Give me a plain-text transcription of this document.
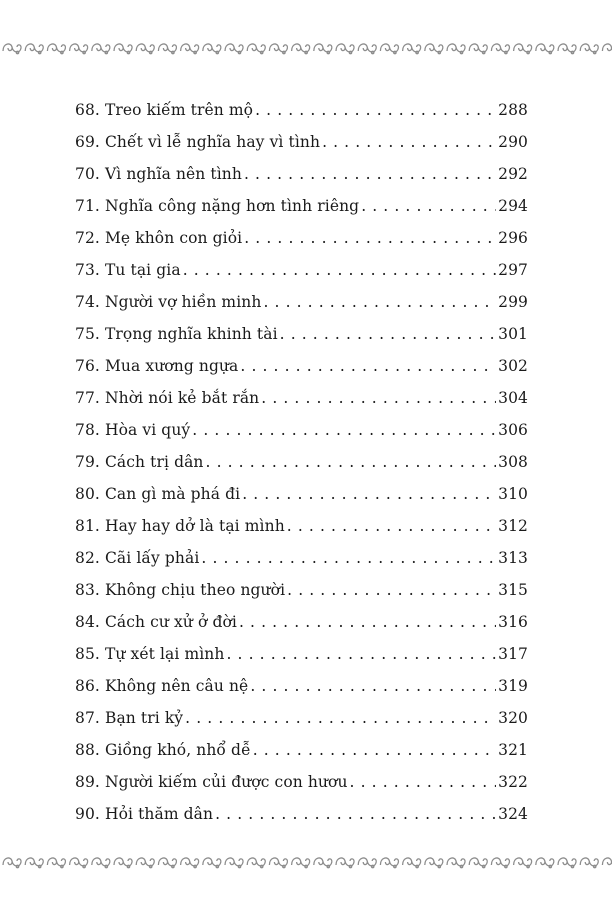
68. Treo kiếm trên mộ . . .	288
69. Chết vì lễ nghĩa hay vì tình . . .	290
70. Vì nghĩa nên tình . . .	292
71. Nghĩa công nặng hơn tình riêng . . .	294
72. Mẹ khôn con giỏi . . .	296
73. Tu tại gia . . .	297
74. Người vợ hiền minh . . .	299
75. Trọng nghĩa khinh tài . . .	301
76. Mua xương ngựa . . .	302
77. Nhời nói kẻ bắt rắn . . .	304
78. Hòa vi quý . . .	306
79. Cách trị dân . . .	308
80. Can gì mà phá đi . . .	310
81. Hay hay dở là tại mình . . .	312
82. Cãi lấy phải . . .	313
83. Không chịu theo người . . .	315
84. Cách cư xử ở đời . . .	316
85. Tự xét lại mình . . .	317
86. Không nên câu nệ . . .	319
87. Bạn tri kỷ . . .	320
88. Giồng khó, nhổ dễ . . .	321
89. Người kiếm củi được con hươu . . .	322
90. Hỏi thăm dân . . .	324
